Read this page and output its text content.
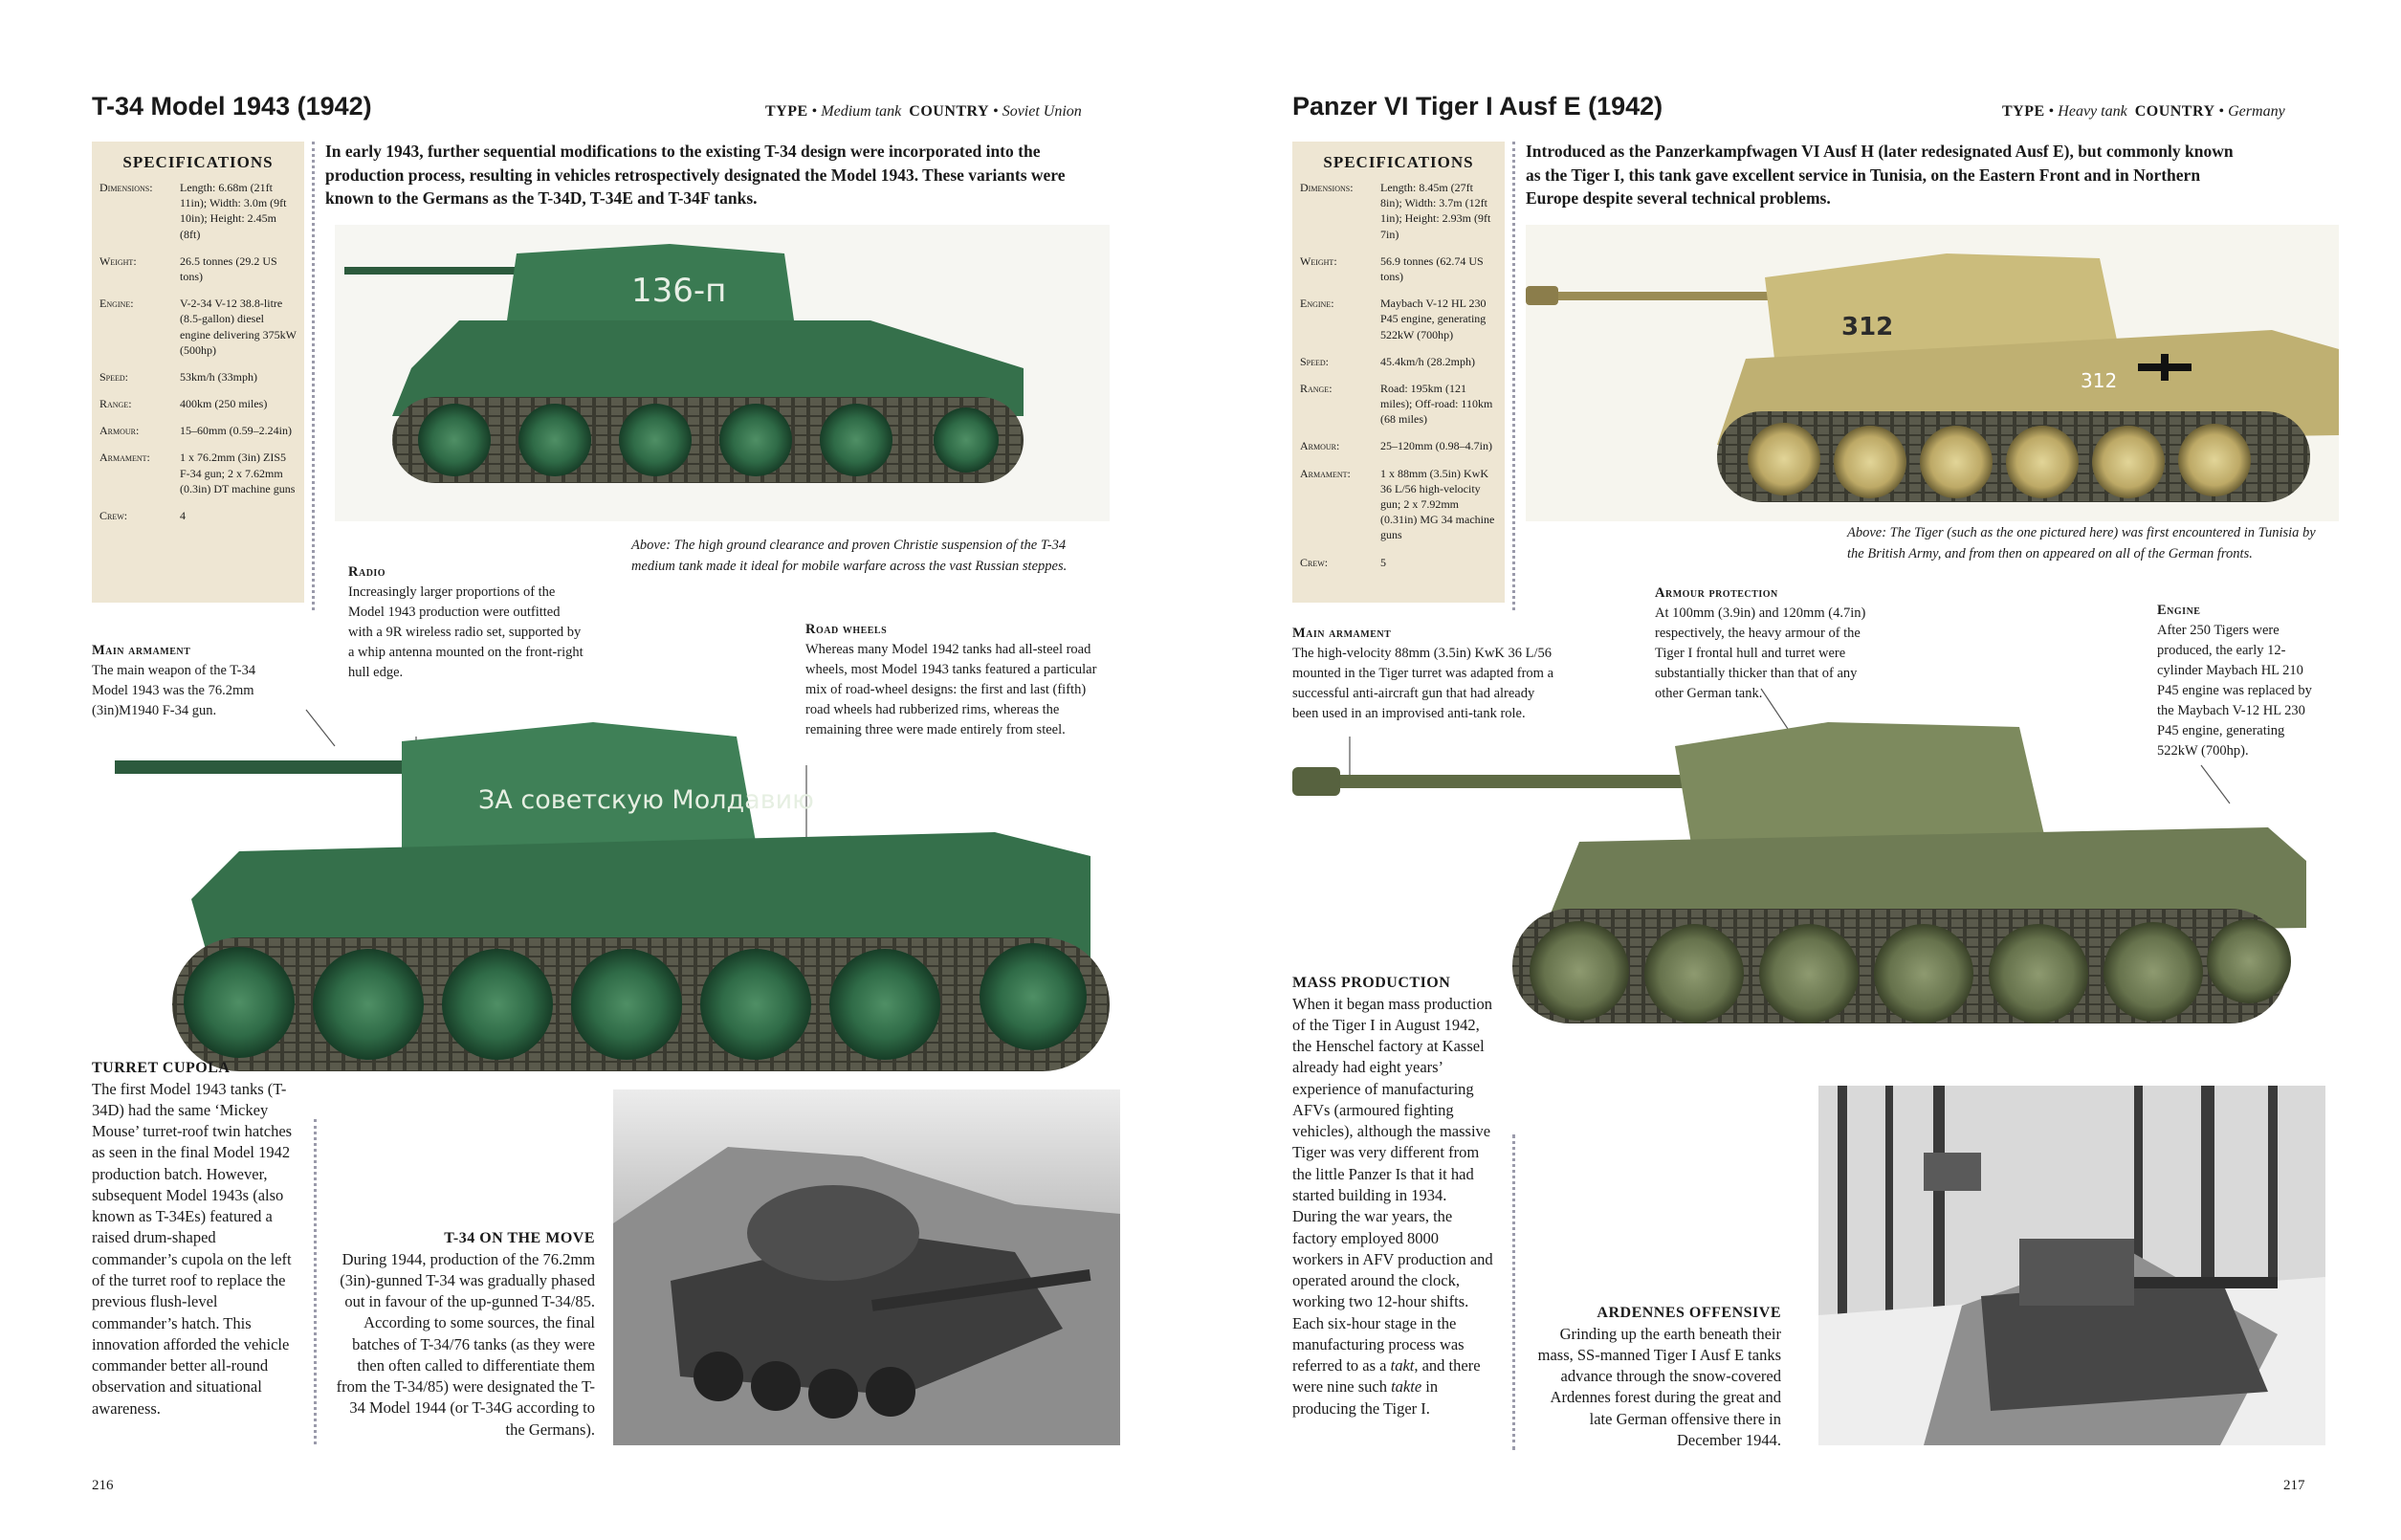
T-34 Model 1943 (1942)	TYPE • Medium tank COUNTRY • Soviet Union
SPECIFICATIONS
Dimensions:	Length: 6.68m (21ft 11in); Width: 3.0m (9ft 10in); Height: 2.45m (8ft)
Weight:	26.5 tonnes (29.2 US tons)
Engine:	V-2-34 V-12 38.8-litre (8.5-gallon) diesel engine delivering 375kW (500hp)
Speed:	53km/h (33mph)
Range:	400km (250 miles)
Armour:	15–60mm (0.59–2.24in)
Armament:	1 x 76.2mm (3in) ZIS5 F-34 gun; 2 x 7.62mm (0.3in) DT machine guns
Crew:	4
In early 1943, further sequential modifications to the existing T-34 design were incorporated into the production process, resulting in vehicles retrospectively designated the Model 1943. These variants were known to the Germans as the T-34D, T-34E and T-34F tanks.
136-п
Above: The high ground clearance and proven Christie suspension of the T-34 medium tank made it ideal for mobile warfare across the vast Russian steppes.
Radio
Increasingly larger proportions of the Model 1943 production were outfitted with a 9R wireless radio set, supported by a whip antenna mounted on the front-right hull edge.
Road wheels
Whereas many Model 1942 tanks had all-steel road wheels, most Model 1943 tanks featured a particular mix of road-wheel designs: the first and last (fifth) road wheels had rubberized rims, whereas the remaining three were made entirely from steel.
Main armament
The main weapon of the T-34 Model 1943 was the 76.2mm (3in)M1940 F-34 gun.
ЗА советскую Молдавию
TURRET CUPOLA
The first Model 1943 tanks (T-34D) had the same ‘Mickey Mouse’ turret-roof twin hatches as seen in the final Model 1942 production batch. However, subsequent Model 1943s (also known as T-34Es) featured a raised drum-shaped commander’s cupola on the left of the turret roof to replace the previous flush-level commander’s hatch. This innovation afforded the vehicle commander better all-round observation and situational awareness.
T-34 ON THE MOVE
During 1944, production of the 76.2mm (3in)-gunned T-34 was gradually phased out in favour of the up-gunned T-34/85. According to some sources, the final batches of T-34/76 tanks (as they were then often called to differentiate them from the T-34/85) were designated the T-34 Model 1944 (or T-34G according to the Germans).
216
Panzer VI Tiger I Ausf E (1942)	TYPE • Heavy tank COUNTRY • Germany
SPECIFICATIONS
Dimensions:	Length: 8.45m (27ft 8in); Width: 3.7m (12ft 1in); Height: 2.93m (9ft 7in)
Weight:	56.9 tonnes (62.74 US tons)
Engine:	Maybach V-12 HL 230 P45 engine, generating 522kW (700hp)
Speed:	45.4km/h (28.2mph)
Range:	Road: 195km (121 miles); Off-road: 110km (68 miles)
Armour:	25–120mm (0.98–4.7in)
Armament:	1 x 88mm (3.5in) KwK 36 L/56 high-velocity gun; 2 x 7.92mm (0.31in) MG 34 machine guns
Crew:	5
Introduced as the Panzerkampfwagen VI Ausf H (later redesignated Ausf E), but commonly known as the Tiger I, this tank gave excellent service in Tunisia, on the Eastern Front and in Northern Europe despite several technical problems.
312
312
Above: The Tiger (such as the one pictured here) was first encountered in Tunisia by the British Army, and from then on appeared on all of the German fronts.
Armour protection
At 100mm (3.9in) and 120mm (4.7in) respectively, the heavy armour of the Tiger I frontal hull and turret were substantially thicker than that of any other German tank.
Engine
After 250 Tigers were produced, the early 12-cylinder Maybach HL 210 P45 engine was replaced by the Maybach V-12 HL 230 P45 engine, generating 522kW (700hp).
Main armament
The high-velocity 88mm (3.5in) KwK 36 L/56 mounted in the Tiger turret was adapted from a successful anti-aircraft gun that had already been used in an improvised anti-tank role.
MASS PRODUCTION
When it began mass production of the Tiger I in August 1942, the Henschel factory at Kassel already had eight years’ experience of manufacturing AFVs (armoured fighting vehicles), although the massive Tiger was very different from the little Panzer Is that it had started building in 1934. During the war years, the factory employed 8000 workers in AFV production and operated around the clock, working two 12-hour shifts. Each six-hour stage in the manufacturing process was referred to as a takt, and there were nine such takte in producing the Tiger I.
ARDENNES OFFENSIVE
Grinding up the earth beneath their mass, SS-manned Tiger I Ausf E tanks advance through the snow-covered Ardennes forest during the great and late German offensive there in December 1944.
217
